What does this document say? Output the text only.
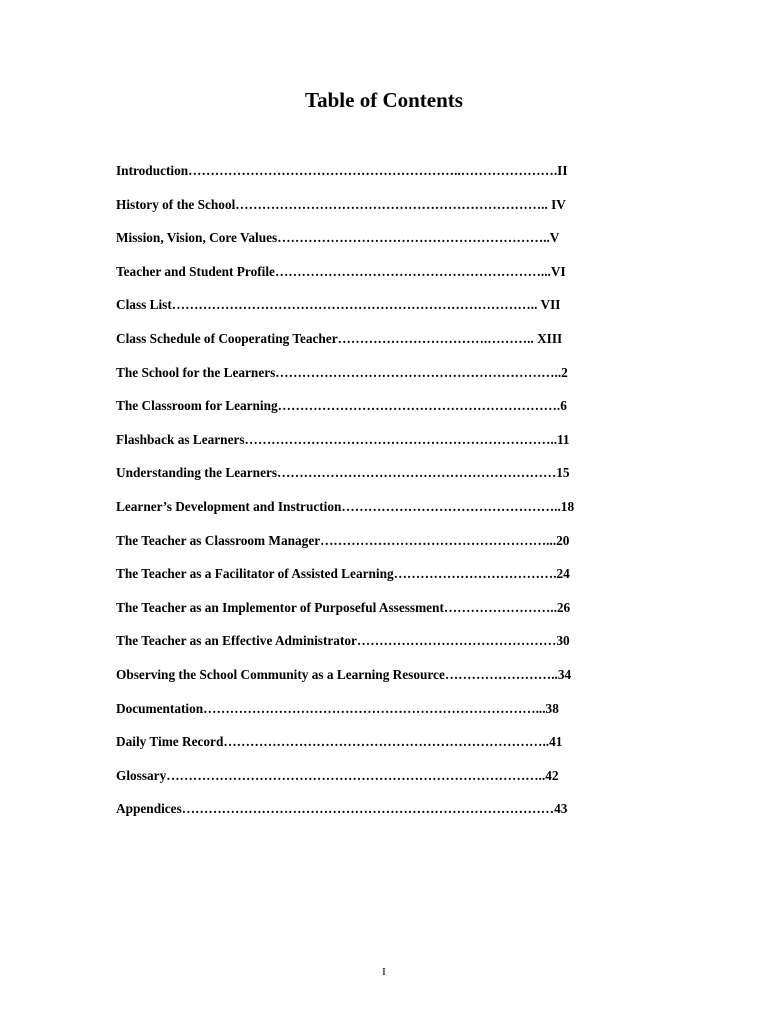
Table of Contents
Introduction……………………………………………………..………………….II
History of the School…………………………………………………………….. IV
Mission, Vision, Core Values……………………………………………………..V
Teacher and Student Profile……………………………………………………...VI
Class List……………………………………………………………………….. VII
Class Schedule of Cooperating Teacher…………………………….……….. XIII
The School for the Learners………………………………………………………..2
The Classroom for Learning……………………………………………………….6
Flashback as Learners……………………………………………………………..11
Understanding the Learners………………………………………………………15
Learner’s Development and Instruction…………………………………………..18
The Teacher as Classroom Manager……………………………………………...20
The Teacher as a Facilitator of Assisted Learning……………………………….24
The Teacher as an Implementor of Purposeful Assessment……………………..26
The Teacher as an Effective Administrator………………………………………30
Observing the School Community as a Learning Resource……………………..34
Documentation…………………………………………………………………...38
Daily Time Record………………………………………………………………..41
Glossary…………………………………………………………………………..42
Appendices…………………………………………………………………………43
I
